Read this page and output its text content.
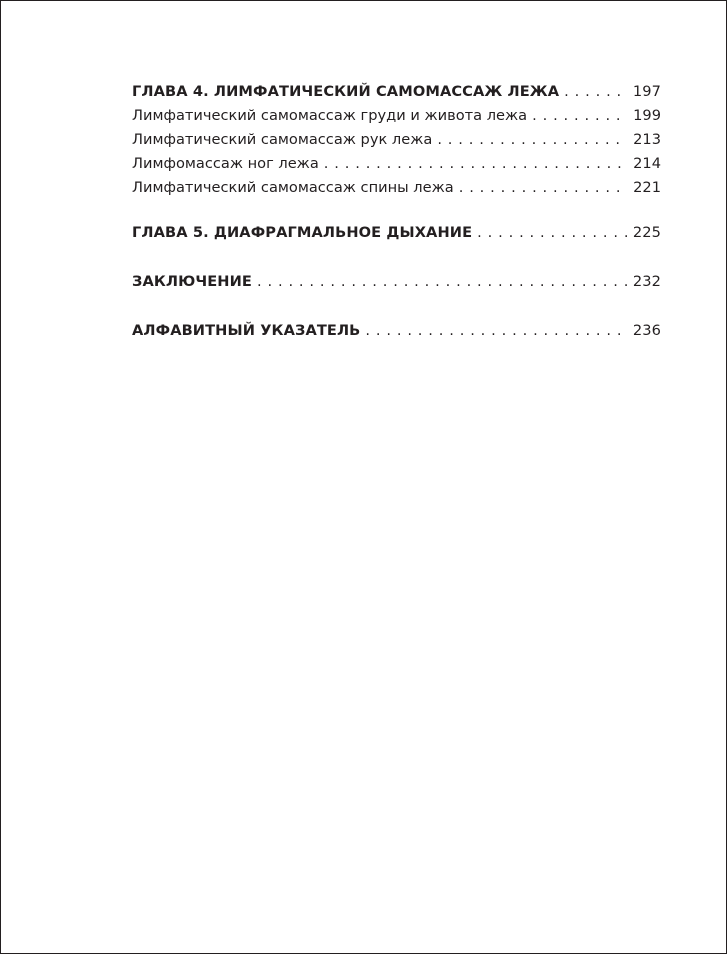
ГЛАВА 4. ЛИМФАТИЧЕСКИЙ САМОМАССАЖ ЛЕЖА . . .	197
Лимфатический самомассаж груди и живота лежа . . .	199
Лимфатический самомассаж рук лежа . . .	213
Лимфомассаж ног лежа . . .	214
Лимфатический самомассаж спины лежа . . .	221
ГЛАВА 5. ДИАФРАГМАЛЬНОЕ ДЫХАНИЕ . . .	225
ЗАКЛЮЧЕНИЕ . . .	232
АЛФАВИТНЫЙ УКАЗАТЕЛЬ . . .	236
